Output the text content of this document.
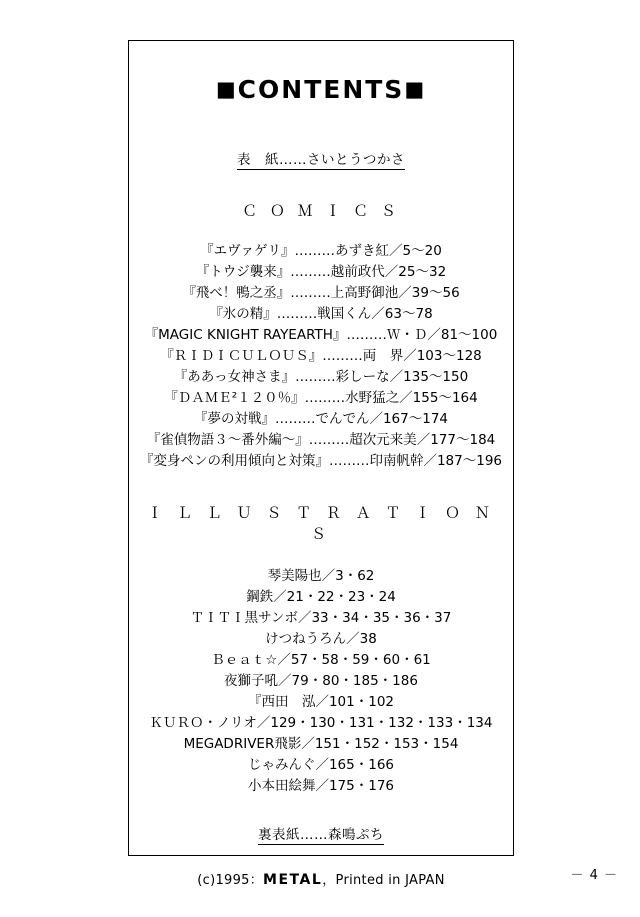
■CONTENTS■
表　紙……さいとうつかさ
Ｃ Ｏ Ｍ Ｉ Ｃ Ｓ
『エヴァゲリ』………あずき紅／5～20
『トウジ襲来』………越前政代／25～32
『飛べ！鴨之丞』………上高野御池／39～56
『氷の精』………戦国くん／63～78
『MAGIC KNIGHT RAYEARTH』………Ｗ・Ｄ／81～100
『ＲＩＤＩＣＵＬＯＵＳ』………両　界／103～128
『ああっ女神さま』………彩しーな／135～150
『ＤＡＭＥ²１２０％』………水野猛之／155～164
『夢の対戦』………でんでん／167～174
『雀偵物語３～番外編～』………超次元来美／177～184
『変身ペンの利用傾向と対策』………印南帆幹／187～196
Ｉ Ｌ Ｌ Ｕ Ｓ Ｔ Ｒ Ａ Ｔ Ｉ Ｏ Ｎ Ｓ
琴美陽也／3・62
鋼鉄／21・22・23・24
ＴＩＴＩ黒サンボ／33・34・35・36・37
けつねうろん／38
Ｂｅａｔ☆／57・58・59・60・61
夜獅子吼／79・80・185・186
『西田　泓／101・102
ＫＵＲＯ・ノリオ／129・130・131・132・133・134
MEGADRIVER飛影／151・152・153・154
じゃみんぐ／165・166
小本田絵舞／175・176
裏表紙……森鳴ぷち
(c)1995：METAL，Printed in JAPAN	－ 4 －
